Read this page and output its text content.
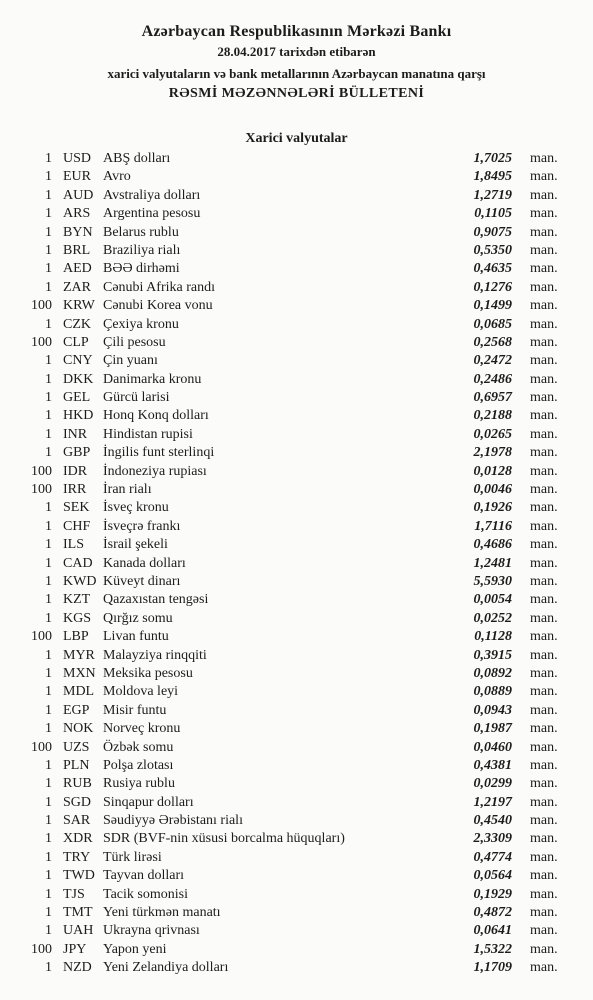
Azərbaycan Respublikasının Mərkəzi Bankı
28.04.2017 tarixdən etibarən
xarici valyutaların və bank metallarının Azərbaycan manatına qarşı
RƏSMİ MƏZƏNNƏLƏRİ BÜLLETENİ
Xarici valyutalar
1 USD ABŞ dolları	1,7025 man.
1 EUR Avro	1,8495 man.
1 AUD Avstraliya dolları	1,2719 man.
1 ARS Argentina pesosu	0,1105 man.
1 BYN Belarus rublu	0,9075 man.
1 BRL Braziliya rialı	0,5350 man.
1 AED BƏƏ dirhəmi	0,4635 man.
1 ZAR Cənubi Afrika randı	0,1276 man.
100 KRW Cənubi Korea vonu	0,1499 man.
1 CZK Çexiya kronu	0,0685 man.
100 CLP Çili pesosu	0,2568 man.
1 CNY Çin yuanı	0,2472 man.
1 DKK Danimarka kronu	0,2486 man.
1 GEL Gürcü larisi	0,6957 man.
1 HKD Honq Konq dolları	0,2188 man.
1 INR Hindistan rupisi	0,0265 man.
1 GBP İngilis funt sterlinqi	2,1978 man.
100 IDR İndoneziya rupiası	0,0128 man.
100 IRR İran rialı	0,0046 man.
1 SEK İsveç kronu	0,1926 man.
1 CHF İsveçrə frankı	1,7116 man.
1 ILS İsrail şekeli	0,4686 man.
1 CAD Kanada dolları	1,2481 man.
1 KWD Küveyt dinarı	5,5930 man.
1 KZT Qazaxıstan tengəsi	0,0054 man.
1 KGS Qırğız somu	0,0252 man.
100 LBP Livan funtu	0,1128 man.
1 MYR Malayziya rinqqiti	0,3915 man.
1 MXN Meksika pesosu	0,0892 man.
1 MDL Moldova leyi	0,0889 man.
1 EGP Misir funtu	0,0943 man.
1 NOK Norveç kronu	0,1987 man.
100 UZS Özbək somu	0,0460 man.
1 PLN Polşa zlotası	0,4381 man.
1 RUB Rusiya rublu	0,0299 man.
1 SGD Sinqapur dolları	1,2197 man.
1 SAR Səudiyyə Ərəbistanı rialı	0,4540 man.
1 XDR SDR (BVF-nin xüsusi borcalma hüquqları)	2,3309 man.
1 TRY Türk lirəsi	0,4774 man.
1 TWD Tayvan dolları	0,0564 man.
1 TJS Tacik somonisi	0,1929 man.
1 TMT Yeni türkmən manatı	0,4872 man.
1 UAH Ukrayna qrivnası	0,0641 man.
100 JPY Yapon yeni	1,5322 man.
1 NZD Yeni Zelandiya dolları	1,1709 man.
